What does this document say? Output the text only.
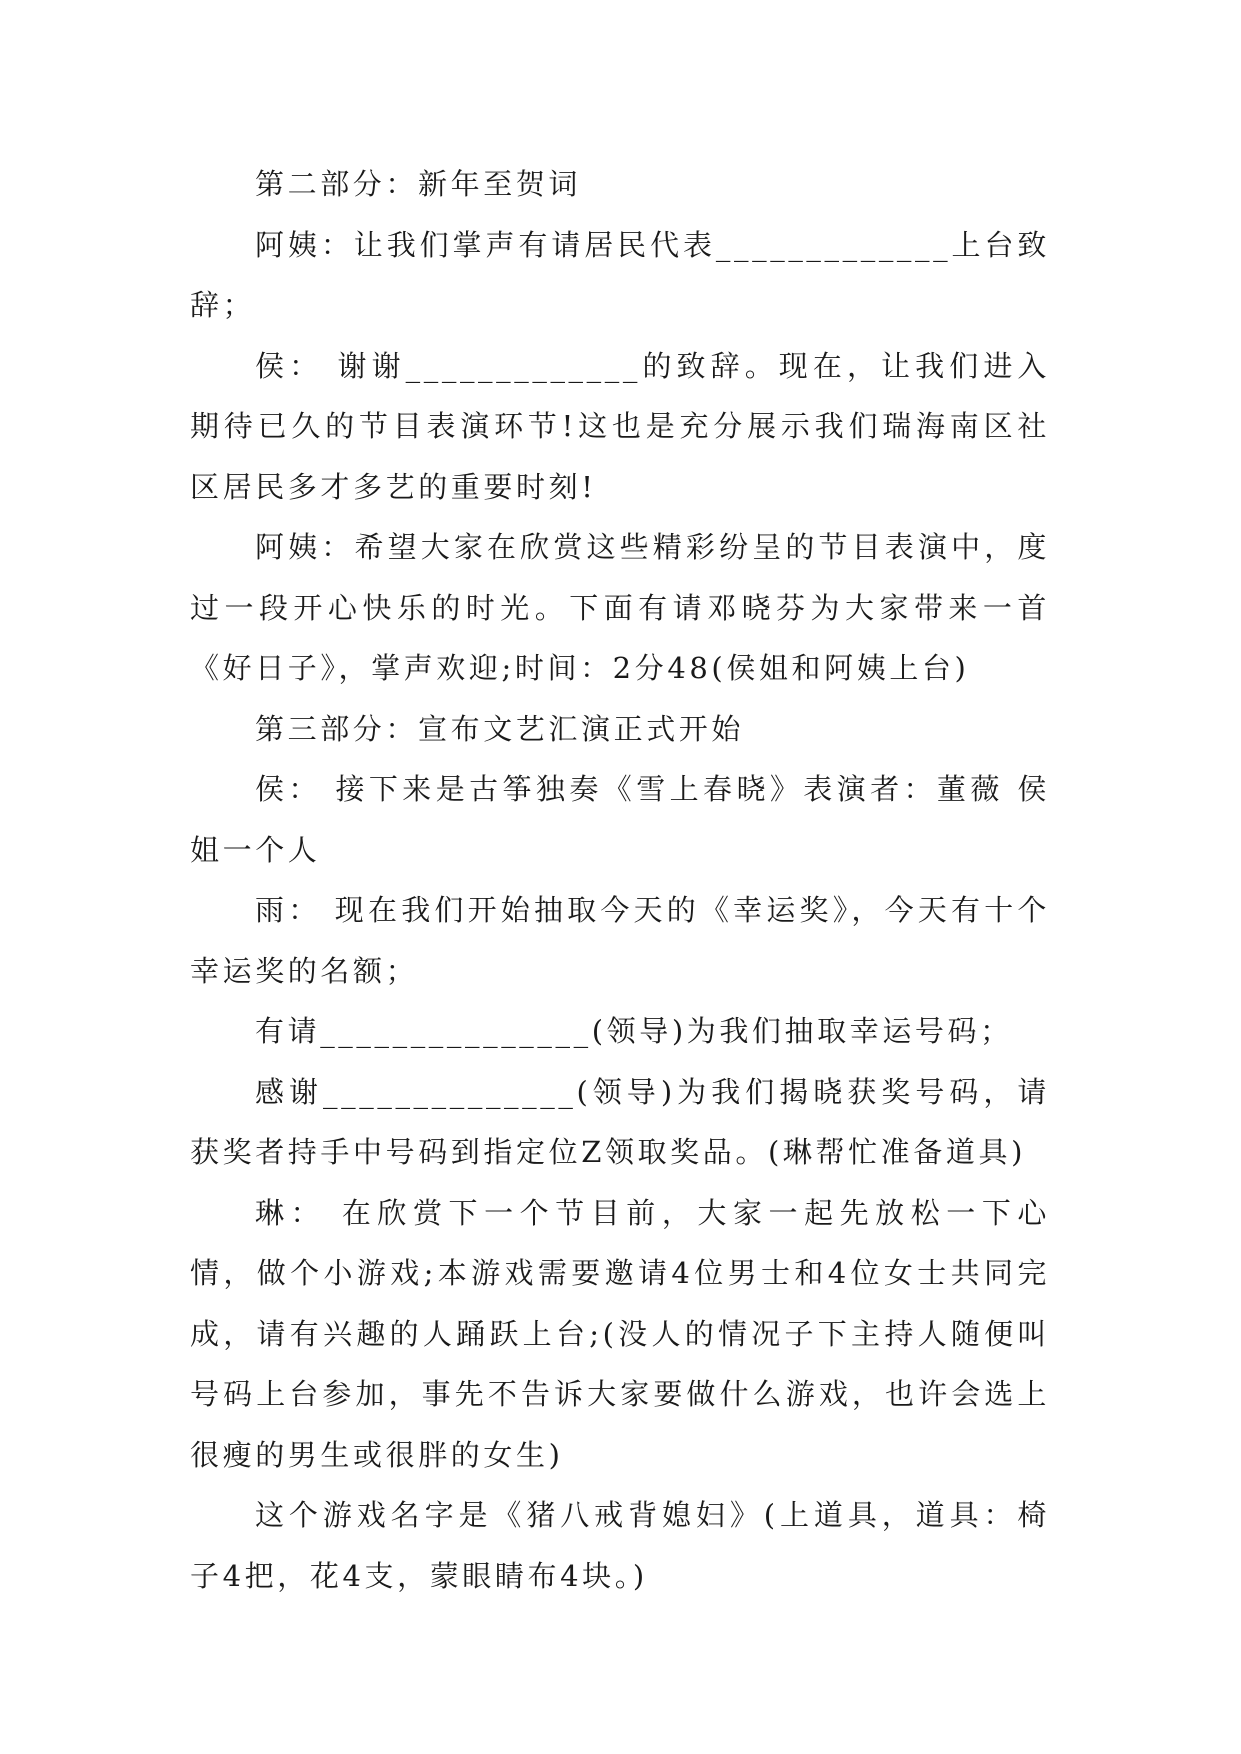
第二部分：新年至贺词

阿姨：让我们掌声有请居民代表_____________上台致辞；

侯： 谢谢_____________的致辞。现在，让我们进入期待已久的节目表演环节!这也是充分展示我们瑞海南区社区居民多才多艺的重要时刻!

阿姨：希望大家在欣赏这些精彩纷呈的节目表演中，度过一段开心快乐的时光。下面有请邓晓芬为大家带来一首《好日子》，掌声欢迎;时间：2分48(侯姐和阿姨上台)

第三部分：宣布文艺汇演正式开始

侯： 接下来是古筝独奏《雪上春晓》表演者：董薇 侯姐一个人

雨： 现在我们开始抽取今天的《幸运奖》，今天有十个幸运奖的名额；

有请_______________(领导)为我们抽取幸运号码；

感谢______________(领导)为我们揭晓获奖号码，请获奖者持手中号码到指定位Z领取奖品。(琳帮忙准备道具)

琳： 在欣赏下一个节目前，大家一起先放松一下心情，做个小游戏;本游戏需要邀请4位男士和4位女士共同完成，请有兴趣的人踊跃上台;(没人的情况子下主持人随便叫号码上台参加，事先不告诉大家要做什么游戏，也许会选上很瘦的男生或很胖的女生)

这个游戏名字是《猪八戒背媳妇》(上道具，道具：椅子4把，花4支，蒙眼睛布4块。)
